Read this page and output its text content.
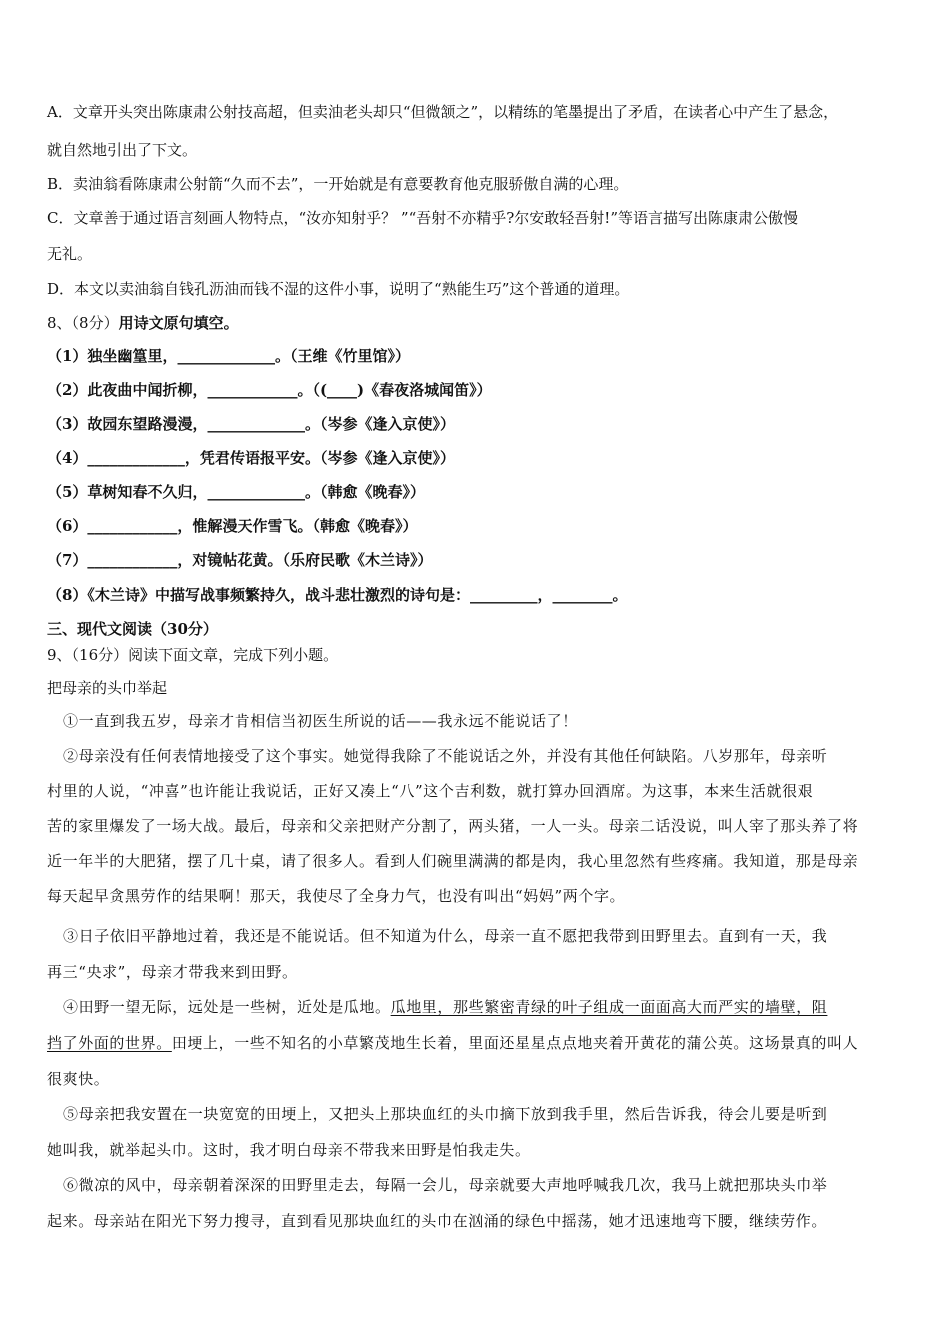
A．文章开头突出陈康肃公射技高超，但卖油老头却只“但微颔之”，以精练的笔墨提出了矛盾，在读者心中产生了悬念，
就自然地引出了下文。
B．卖油翁看陈康肃公射箭“久而不去”，一开始就是有意要教育他克服骄傲自满的心理。
C．文章善于通过语言刻画人物特点，“汝亦知射乎？ ”“吾射不亦精乎?尔安敢轻吾射!”等语言描写出陈康肃公傲慢
无礼。
D．本文以卖油翁自钱孔沥油而钱不湿的这件小事，说明了“熟能生巧”这个普通的道理。
8、（8分）用诗文原句填空。
（1）独坐幽篁里，_____________。（王维《竹里馆》）
（2）此夜曲中闻折柳，____________。（(____)《春夜洛城闻笛》）
（3）故园东望路漫漫，_____________。（岑参《逢入京使》）
（4）_____________，凭君传语报平安。（岑参《逢入京使》）
（5）草树知春不久归，_____________。（韩愈《晚春》）
（6）____________，惟解漫天作雪飞。（韩愈《晚春》）
（7）____________，对镜帖花黄。（乐府民歌《木兰诗》）
（8）《木兰诗》中描写战事频繁持久，战斗悲壮激烈的诗句是：_________，________。
三、现代文阅读（30分）
9、（16分）阅读下面文章，完成下列小题。
把母亲的头巾举起
①一直到我五岁，母亲才肯相信当初医生所说的话——我永远不能说话了！
②母亲没有任何表情地接受了这个事实。她觉得我除了不能说话之外，并没有其他任何缺陷。八岁那年，母亲听
村里的人说，“冲喜”也许能让我说话，正好又凑上“八”这个吉利数，就打算办回酒席。为这事，本来生活就很艰
苦的家里爆发了一场大战。最后，母亲和父亲把财产分割了，两头猪，一人一头。母亲二话没说，叫人宰了那头养了将
近一年半的大肥猪，摆了几十桌，请了很多人。看到人们碗里满满的都是肉，我心里忽然有些疼痛。我知道，那是母亲
每天起早贪黑劳作的结果啊！那天，我使尽了全身力气，也没有叫出“妈妈”两个字。
③日子依旧平静地过着，我还是不能说话。但不知道为什么，母亲一直不愿把我带到田野里去。直到有一天，我
再三“央求”，母亲才带我来到田野。
④田野一望无际，远处是一些树，近处是瓜地。瓜地里，那些繁密青绿的叶子组成一面面高大而严实的墙壁，阻
挡了外面的世界。田埂上，一些不知名的小草繁茂地生长着，里面还星星点点地夹着开黄花的蒲公英。这场景真的叫人
很爽快。
⑤母亲把我安置在一块宽宽的田埂上，又把头上那块血红的头巾摘下放到我手里，然后告诉我，待会儿要是听到
她叫我，就举起头巾。这时，我才明白母亲不带我来田野是怕我走失。
⑥微凉的风中，母亲朝着深深的田野里走去，每隔一会儿，母亲就要大声地呼喊我几次，我马上就把那块头巾举
起来。母亲站在阳光下努力搜寻，直到看见那块血红的头巾在汹涌的绿色中摇荡，她才迅速地弯下腰，继续劳作。
